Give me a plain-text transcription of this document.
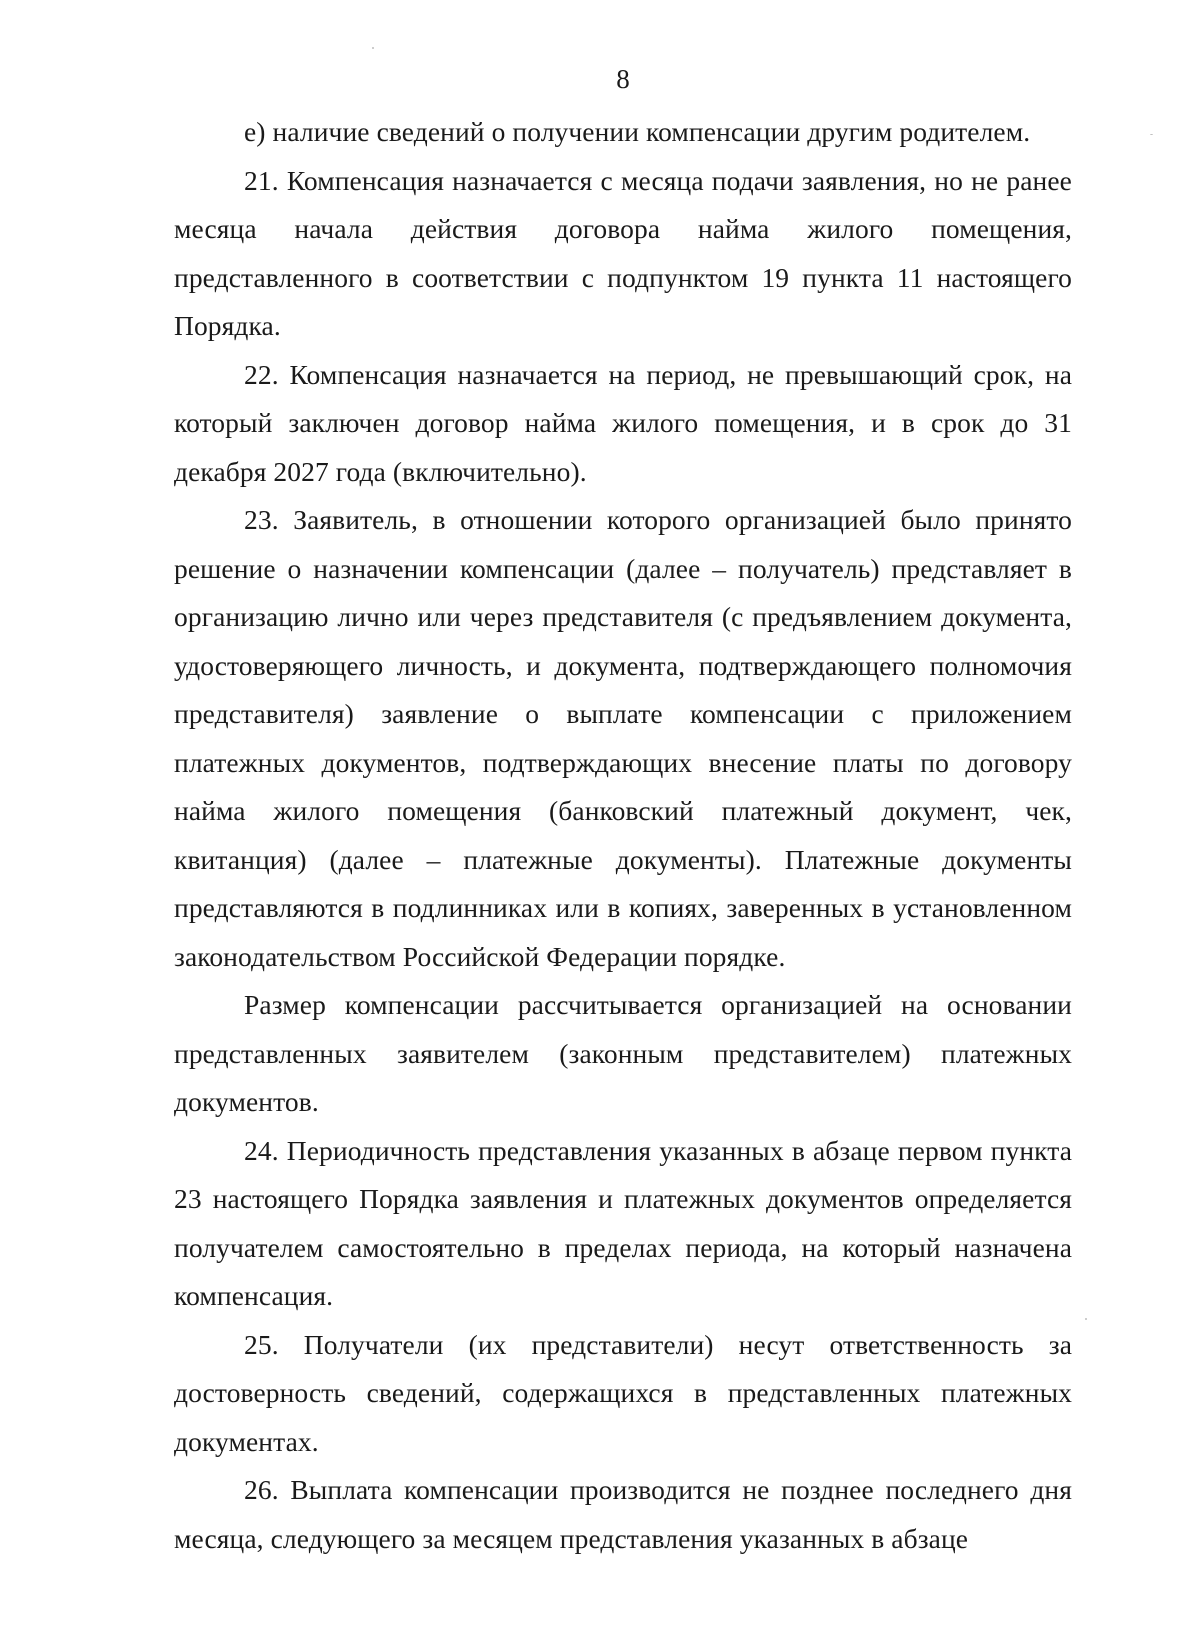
8

е) наличие сведений о получении компенсации другим родителем.

21. Компенсация назначается с месяца подачи заявления, но не ранее месяца начала действия договора найма жилого помещения, представленного в соответствии с подпунктом 19 пункта 11 настоящего Порядка.

22. Компенсация назначается на период, не превышающий срок, на который заключен договор найма жилого помещения, и в срок до 31 декабря 2027 года (включительно).

23. Заявитель, в отношении которого организацией было принято решение о назначении компенсации (далее – получатель) представляет в организацию лично или через представителя (с предъявлением документа, удостоверяющего личность, и документа, подтверждающего полномочия представителя) заявление о выплате компенсации с приложением платежных документов, подтверждающих внесение платы по договору найма жилого помещения (банковский платежный документ, чек, квитанция) (далее – платежные документы). Платежные документы представляются в подлинниках или в копиях, заверенных в установленном законодательством Российской Федерации порядке.

Размер компенсации рассчитывается организацией на основании представленных заявителем (законным представителем) платежных документов.

24. Периодичность представления указанных в абзаце первом пункта 23 настоящего Порядка заявления и платежных документов определяется получателем самостоятельно в пределах периода, на который назначена компенсация.

25. Получатели (их представители) несут ответственность за достоверность сведений, содержащихся в представленных платежных документах.

26. Выплата компенсации производится не позднее последнего дня месяца, следующего за месяцем представления указанных в абзаце
